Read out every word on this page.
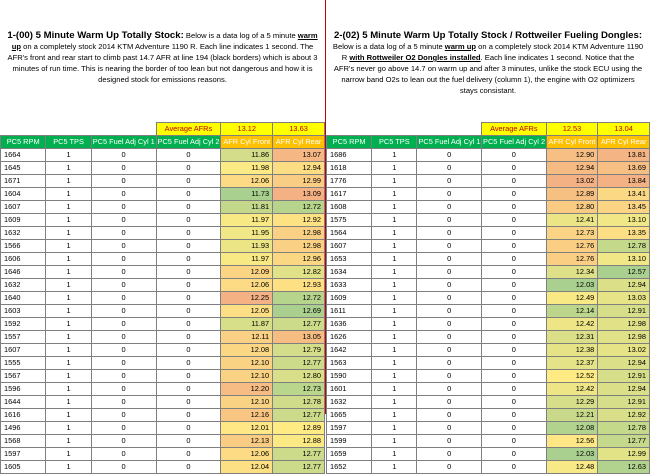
1-(00) 5 Minute Warm Up Totally Stock: Below is a data log of a 5 minute warm up on a completely stock 2014 KTM Adventure 1190 R. Each line indicates 1 second. The AFR's front and rear start to climb past 14.7 AFR at line 194 (black borders) which is about 3 minutes of run time. This is nearing the border of too lean but not dangerous and how it is designed stock for emissions reasons.
			Average AFRs	13.12	13.63
PC5 RPM	PC5 TPS	PC5 Fuel Adj Cyl 1	PC5 Fuel Adj Cyl 2	AFR Cyl Front	AFR Cyl Rear
1664	1	0	0	11.86	13.07
1645	1	0	0	11.98	12.94
1671	1	0	0	12.06	12.99
1604	1	0	0	11.73	13.09
1607	1	0	0	11.81	12.72
1609	1	0	0	11.97	12.92
1632	1	0	0	11.95	12.98
1566	1	0	0	11.93	12.98
1606	1	0	0	11.97	12.96
1646	1	0	0	12.09	12.82
1632	1	0	0	12.06	12.93
1640	1	0	0	12.25	12.72
1603	1	0	0	12.05	12.69
1592	1	0	0	11.87	12.77
1557	1	0	0	12.11	13.05
1607	1	0	0	12.08	12.79
1555	1	0	0	12.10	12.77
1567	1	0	0	12.10	12.80
1596	1	0	0	12.20	12.73
1644	1	0	0	12.10	12.78
1616	1	0	0	12.16	12.77
1496	1	0	0	12.01	12.89
1568	1	0	0	12.13	12.88
1597	1	0	0	12.06	12.77
1605	1	0	0	12.04	12.77
2-(02) 5 Minute Warm Up Totally Stock / Rottweiler Fueling Dongles: Below is a data log of a 5 minute warm up on a completely stock 2014 KTM Adventure 1190 R with Rottweiler O2 Dongles installed. Each line indicates 1 second. Notice that the AFR's never go above 14.7 on warm up and after 3 minutes, unlike the stock ECU using the narrow band O2s to lean out the fuel delivery (column 1), the engine with O2 optimizers stays consistant.
			Average AFRs	12.53	13.04
PC5 RPM	PC5 TPS	PC5 Fuel Adj Cyl 1	PC5 Fuel Adj Cyl 2	AFR Cyl Front	AFR Cyl Rear
1686	1	0	0	12.90	13.81
1618	1	0	0	12.94	13.69
1776	1	0	0	13.02	13.84
1617	1	0	0	12.89	13.41
1608	1	0	0	12.80	13.45
1575	1	0	0	12.41	13.10
1564	1	0	0	12.73	13.35
1607	1	0	0	12.76	12.78
1653	1	0	0	12.76	13.10
1634	1	0	0	12.34	12.57
1633	1	0	0	12.03	12.94
1609	1	0	0	12.49	13.03
1611	1	0	0	12.14	12.91
1636	1	0	0	12.42	12.98
1626	1	0	0	12.31	12.98
1642	1	0	0	12.38	13.02
1563	1	0	0	12.37	12.94
1590	1	0	0	12.52	12.91
1601	1	0	0	12.42	12.94
1632	1	0	0	12.29	12.91
1665	1	0	0	12.21	12.92
1597	1	0	0	12.08	12.78
1599	1	0	0	12.56	12.77
1659	1	0	0	12.03	12.99
1652	1	0	0	12.48	12.63
